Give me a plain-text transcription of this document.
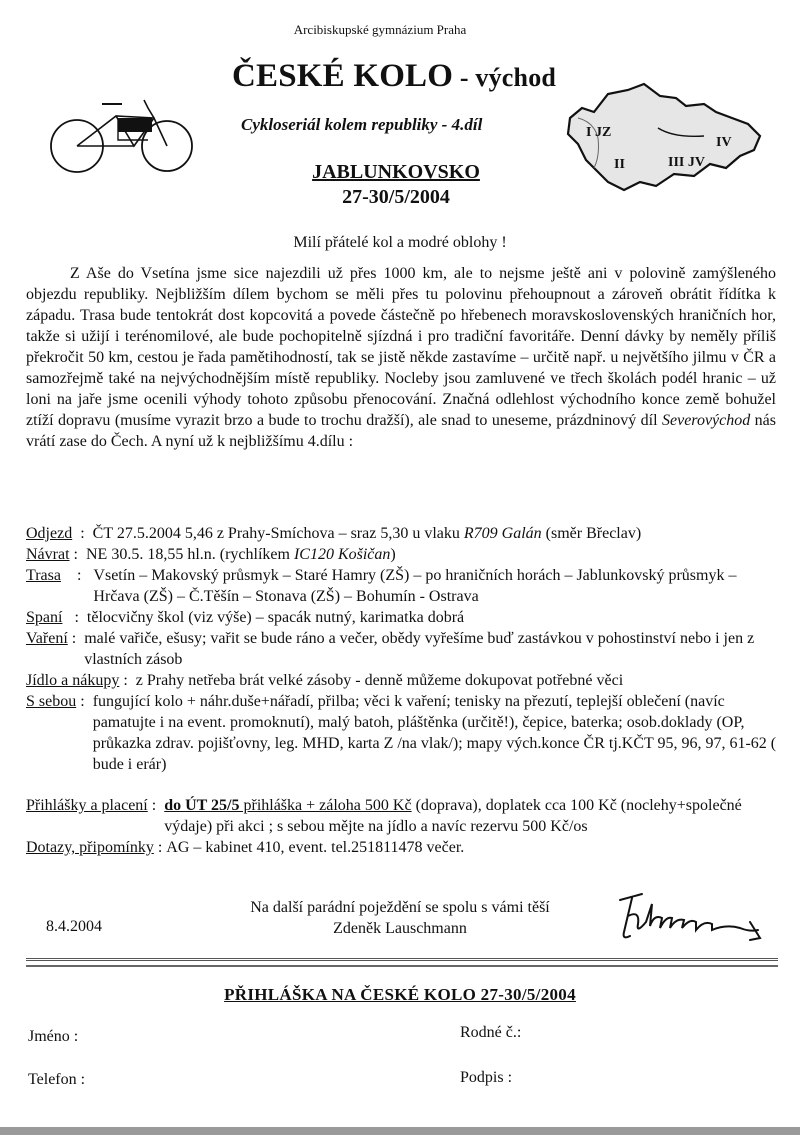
Arcibiskupské gymnázium Praha
ČESKÉ KOLO - východ
Cykloseriál kolem republiky - 4.díl
JABLUNKOVSKO
27-30/5/2004
I JZ
II	III JV
IV
Milí přátelé kol a modré oblohy !
Z Aše do Vsetína jsme sice najezdili už přes 1000 km, ale to nejsme ještě ani v polovině zamýšleného objezdu republiky. Nejbližším dílem bychom se měli přes tu polovinu přehoupnout a zároveň obrátit řídítka k západu. Trasa bude tentokrát dost kopcovitá a povede částečně po hřebenech moravskoslovenských hraničních hor, takže si užijí i terénomilové, ale bude pochopitelně sjízdná i pro tradiční favoritáře. Denní dávky by neměly příliš překročit 50 km, cestou je řada pamětihodností, tak se jistě někde zastavíme – určitě např. u největšího jilmu v ČR a samozřejmě také na nejvýchodnějším místě republiky. Nocleby jsou zamluvené ve třech školách podél hranic – už loni na jaře jsme ocenili výhody tohoto způsobu přenocování. Značná odlehlost východního konce země bohužel ztíží dopravu (musíme vyrazit brzo a bude to trochu dražší), ale snad to uneseme, prázdninový díl Severovýchod nás vrátí zase do Čech. A nyní už k nejbližšímu 4.dílu :
Odjezd : ČT 27.5.2004 5,46 z Prahy-Smíchova – sraz 5,30 u vlaku R709 Galán (směr Břeclav)
Návrat : NE 30.5. 18,55 hl.n. (rychlíkem IC120 Košičan)
Trasa : Vsetín – Makovský průsmyk – Staré Hamry (ZŠ) – po hraničních horách – Jablunkovský průsmyk – Hrčava (ZŠ) – Č.Těšín – Stonava (ZŠ) – Bohumín - Ostrava
Spaní : tělocvičny škol (viz výše) – spacák nutný, karimatka dobrá
Vaření : malé vařiče, ešusy; vařit se bude ráno a večer, obědy vyřešíme buď zastávkou v pohostinství nebo i jen z vlastních zásob
Jídlo a nákupy : z Prahy netřeba brát velké zásoby - denně můžeme dokupovat potřebné věci
S sebou : fungující kolo + náhr.duše+nářadí, přilba; věci k vaření; tenisky na přezutí, teplejší oblečení (navíc pamatujte i na event. promoknutí), malý batoh, pláštěnka (určitě!), čepice, baterka; osob.doklady (OP, průkazka zdrav. pojišťovny, leg. MHD, karta Z /na vlak/); mapy vých.konce ČR tj.KČT 95, 96, 97, 61-62 ( bude i erár)
Přihlášky a placení : do ÚT 25/5 přihláška + záloha 500 Kč (doprava), doplatek cca 100 Kč (noclehy+společné výdaje) při akci ; s sebou mějte na jídlo a navíc rezervu 500 Kč/os
Dotazy, připomínky : AG – kabinet 410, event. tel.251811478 večer.
Na další parádní poježdění se spolu s vámi těší
Zdeněk Lauschmann
8.4.2004
PŘIHLÁŠKA NA ČESKÉ KOLO 27-30/5/2004
Jméno :	Rodné č.:
Telefon :	Podpis :
